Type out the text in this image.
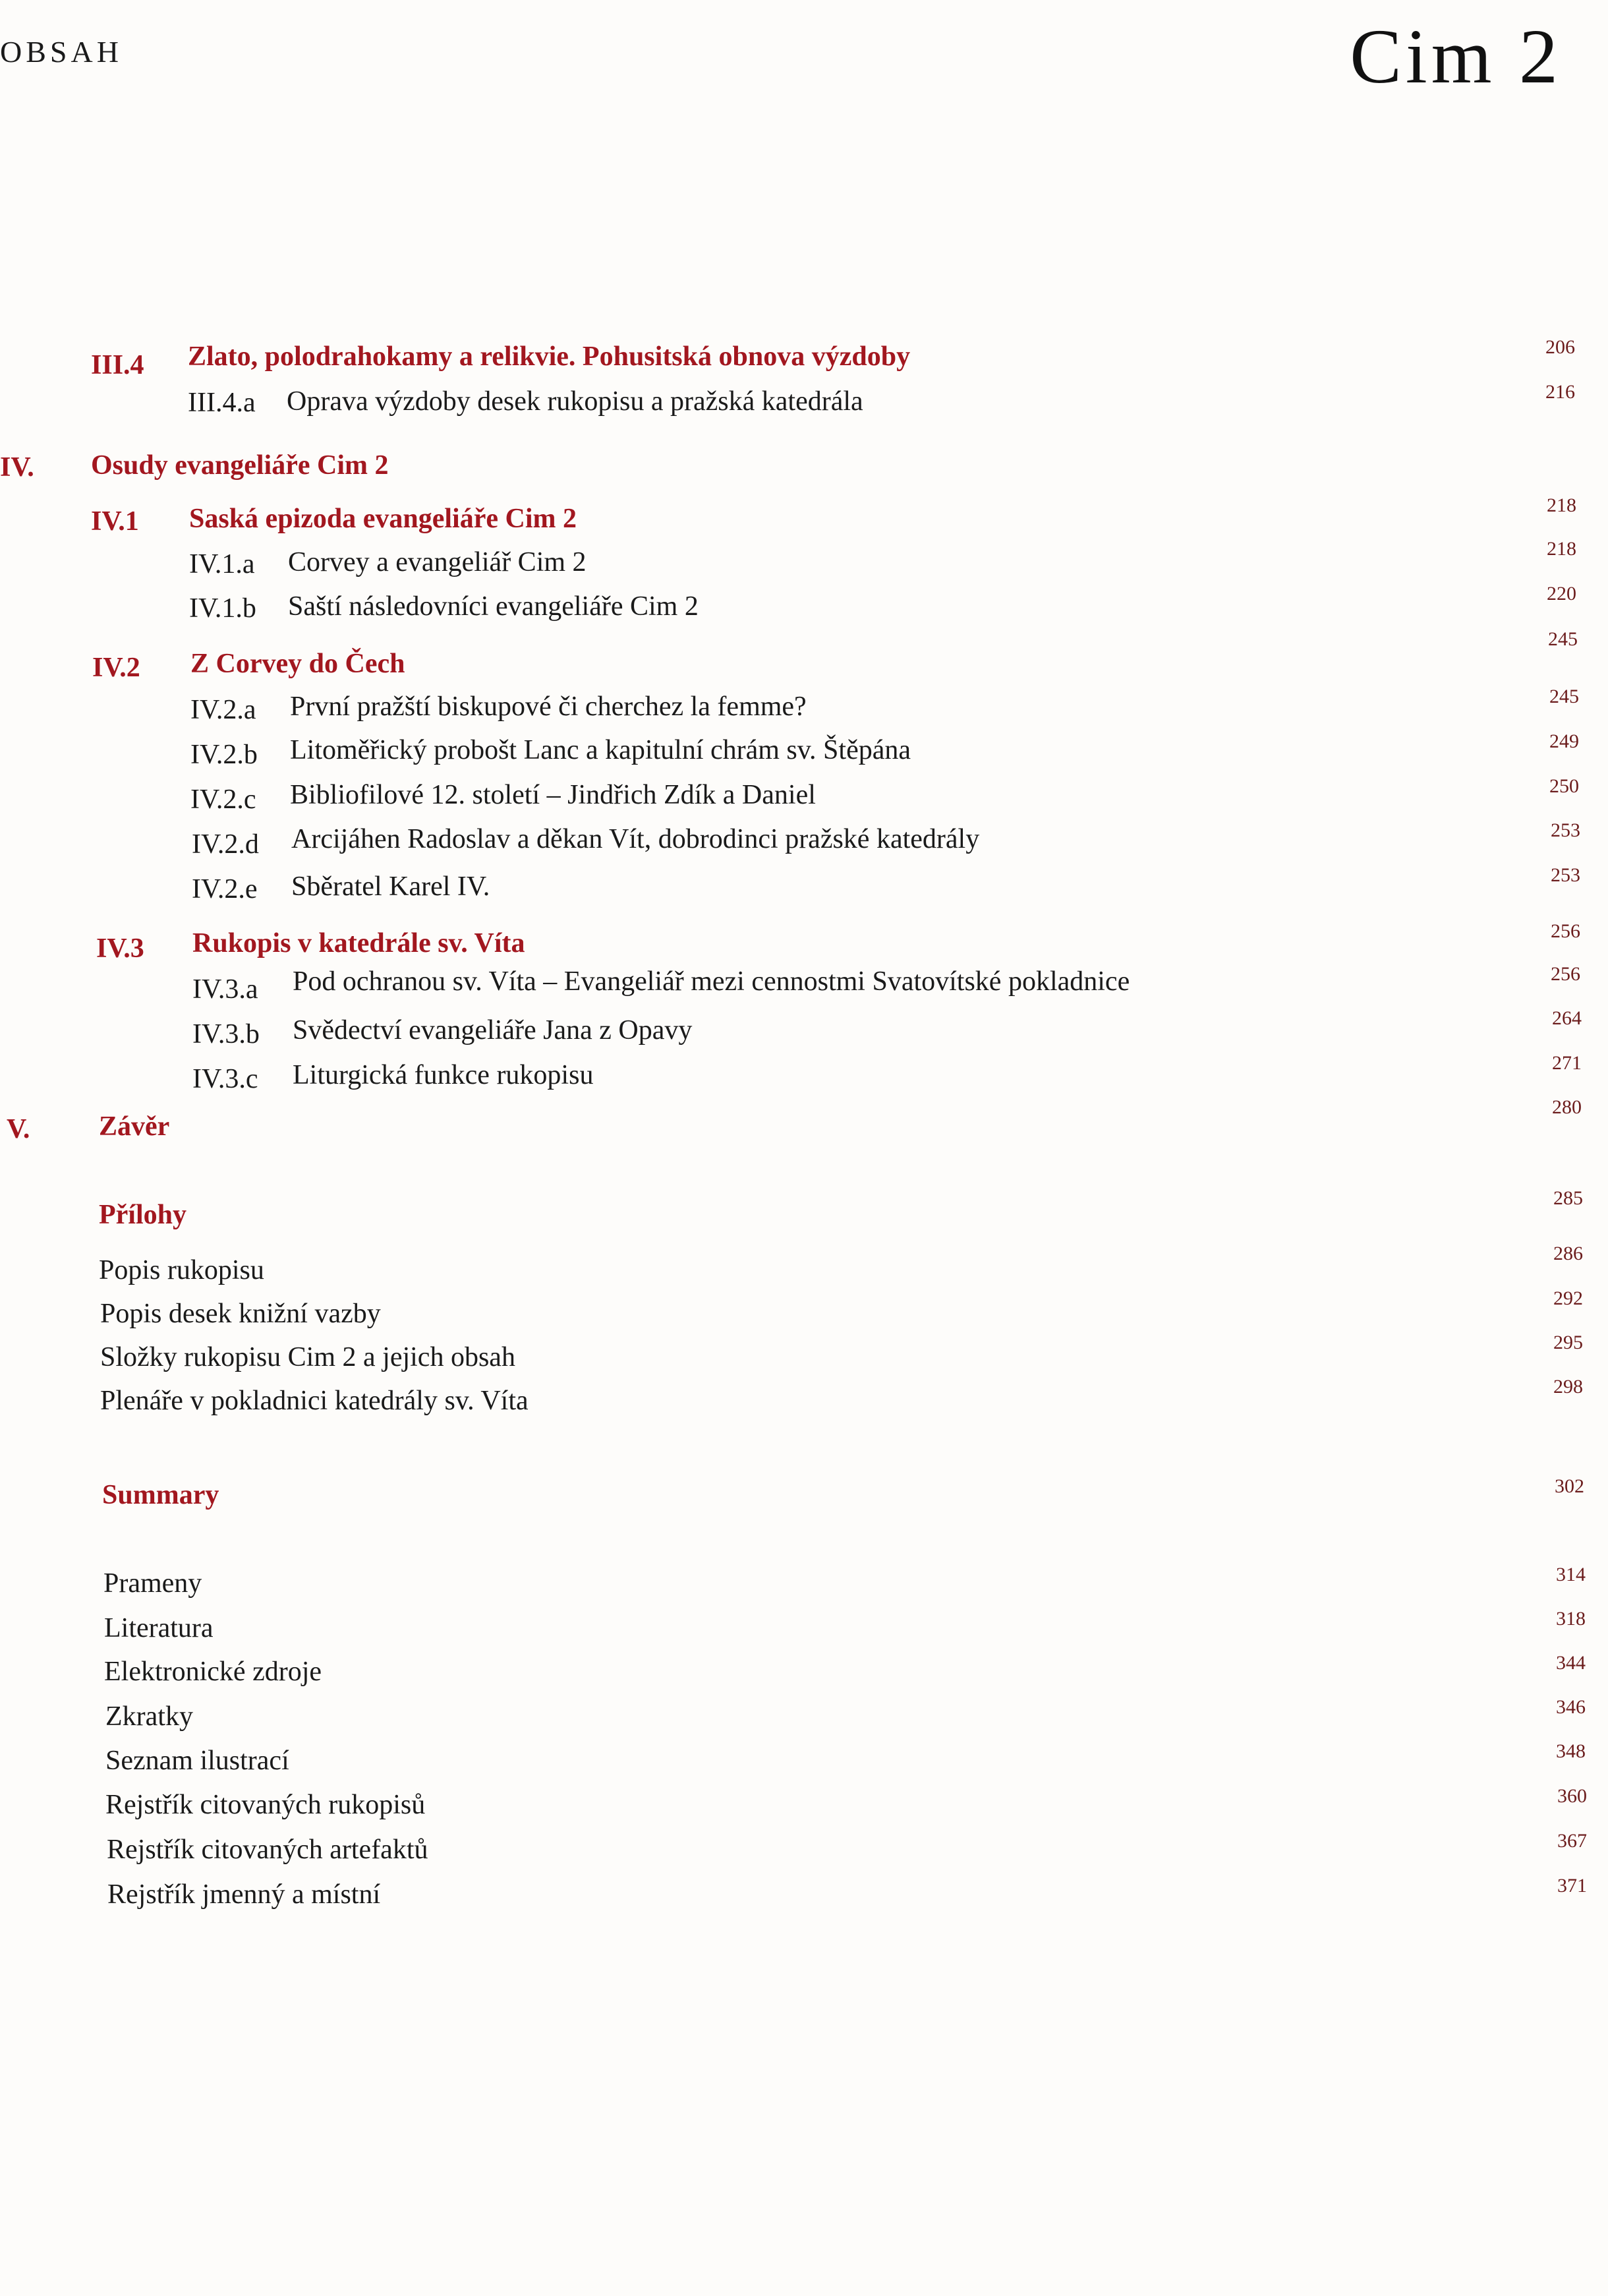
OBSAH	Cim 2
III.4 Zlato, polodrahokamy a relikvie. Pohusitská obnova výzdoby
III.4.a Oprava výzdoby desek rukopisu a pražská katedrála
IV. Osudy evangeliáře Cim 2
IV.1 Saská epizoda evangeliáře Cim 2
IV.1.a Corvey a evangeliář Cim 2
IV.1.b Saští následovníci evangeliáře Cim 2
IV.2 Z Corvey do Čech
IV.2.a První pražští biskupové či cherchez la femme?
IV.2.b Litoměřický probošt Lanc a kapitulní chrám sv. Štěpána
IV.2.c Bibliofilové 12. století – Jindřich Zdík a Daniel
IV.2.d Arcijáhen Radoslav a děkan Vít, dobrodinci pražské katedrály
IV.2.e Sběratel Karel IV.
IV.3 Rukopis v katedrále sv. Víta
IV.3.a Pod ochranou sv. Víta – Evangeliář mezi cennostmi Svatovítské pokladnice
IV.3.b Svědectví evangeliáře Jana z Opavy
IV.3.c Liturgická funkce rukopisu
V. Závěr
Přílohy
Popis rukopisu
Popis desek knižní vazby
Složky rukopisu Cim 2 a jejich obsah
Plenáře v pokladnici katedrály sv. Víta
Summary
Prameny
Literatura
Elektronické zdroje
Zkratky
Seznam ilustrací
Rejstřík citovaných rukopisů
Rejstřík citovaných artefaktů
Rejstřík jmenný a místní
206
216
218
218
220
245
245
249
250
253
253
256
256
264
271
280
285
286
292
295
298
302
314
318
344
346
348
360
367
371
